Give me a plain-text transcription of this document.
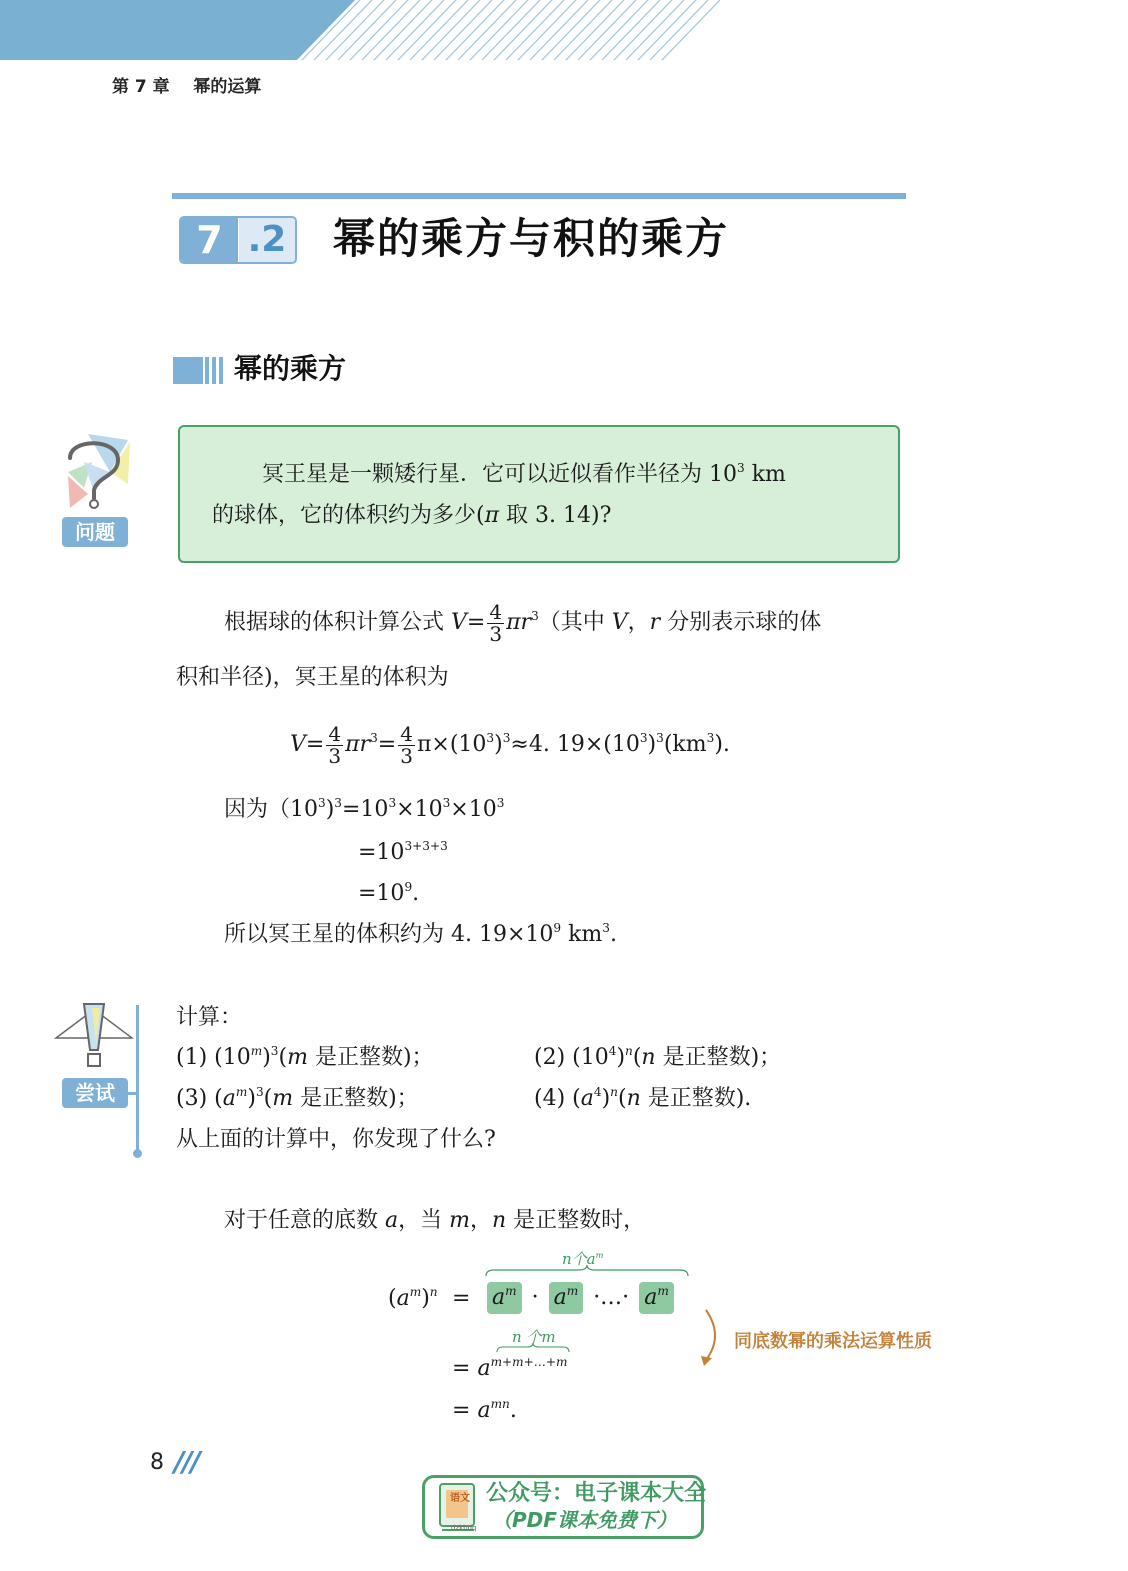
第 7 章    幂的运算
7 .2 幂的乘方与积的乘方
幂的乘方
问题
冥王星是一颗矮行星．它可以近似看作半径为 $10^3$ km
的球体，它的体积约为多少(π 取 3. 14)?
根据球的体积计算公式 $V= \frac{4}{3} \pi r^3$（其中 V，r 分别表示球的体
积和半径)，冥王星的体积为
$V= \frac{4}{3} \pi r^3= \frac{4}{3} \pi\times(10^3)^3\approx 4$. $19\times(10^3)^3(km^3)$.
因为$(10^3)^3=10^3\times 10^3\times 10^3$
$=10^{3+3+3}$
$=10^9$.
所以冥王星的体积约为 4. $19\times 10^9$ $km^3$.
尝试
计算：
(1) $(10^m)^3(m$ 是正整数)；	(2) $(10^4)^n(n$ 是正整数)；
(3) $(a^m)^3(m$ 是正整数)；	(4) $(a^4)^n(n$ 是正整数).
从上面的计算中，你发现了什么?
对于任意的底数 a，当 m，n 是正整数时，
n个$a^m$
$(a^m)^n = a^m \cdot a^m$ ·…· $a^m$
n 个m
= $a^{m+m+\dots+m}$
= $a^{mn}$.
同底数幂的乘法运算性质
8 ///
语文
dzkbdq
公众号：电子课本大全
（PDF课本免费下）
